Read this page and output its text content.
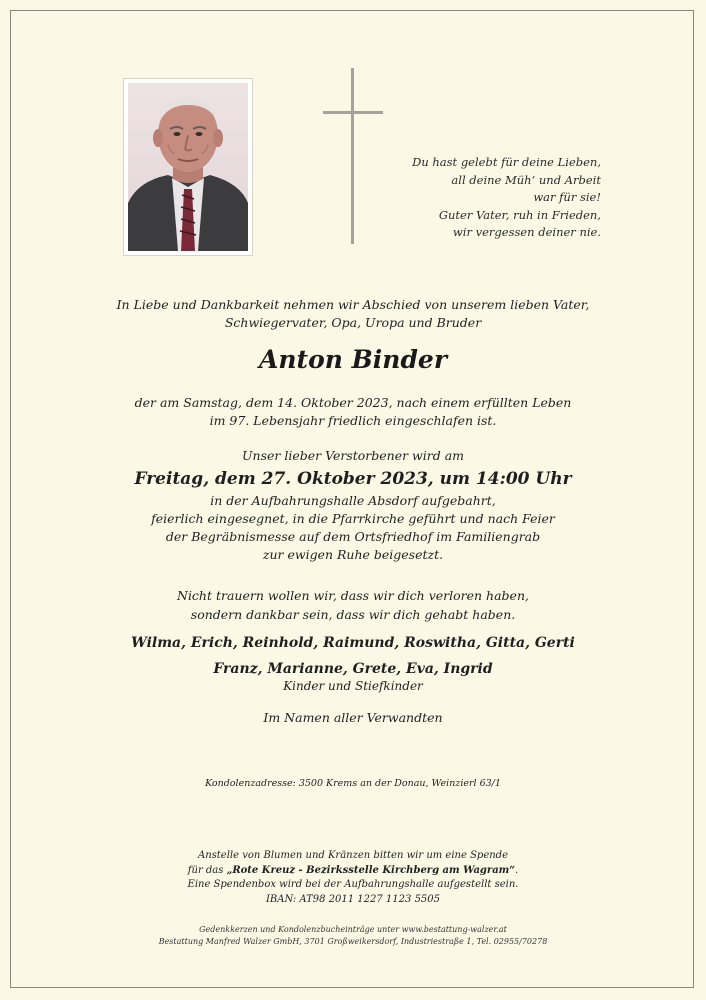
Du hast gelebt für deine Lieben,
all deine Müh‘ und Arbeit
war für sie!
Guter Vater, ruh in Frieden,
wir vergessen deiner nie.
In Liebe und Dankbarkeit nehmen wir Abschied von unserem lieben Vater,
Schwiegervater, Opa, Uropa und Bruder
Anton Binder
der am Samstag, dem 14. Oktober 2023, nach einem erfüllten Leben
im 97. Lebensjahr friedlich eingeschlafen ist.
Unser lieber Verstorbener wird am
Freitag, dem 27. Oktober 2023, um 14:00 Uhr
in der Aufbahrungshalle Absdorf aufgebahrt,
feierlich eingesegnet, in die Pfarrkirche geführt und nach Feier
der Begräbnismesse auf dem Ortsfriedhof im Familiengrab
zur ewigen Ruhe beigesetzt.
Nicht trauern wollen wir, dass wir dich verloren haben,
sondern dankbar sein, dass wir dich gehabt haben.
Wilma, Erich, Reinhold, Raimund, Roswitha, Gitta, Gerti
Franz, Marianne, Grete, Eva, Ingrid
Kinder und Stiefkinder
Im Namen aller Verwandten
Kondolenzadresse: 3500 Krems an der Donau, Weinzierl 63/1
Anstelle von Blumen und Kränzen bitten wir um eine Spende
für das „Rote Kreuz - Bezirksstelle Kirchberg am Wagram“.
Eine Spendenbox wird bei der Aufbahrungshalle aufgestellt sein.
IBAN: AT98 2011 1227 1123 5505
Gedenkkerzen und Kondolenzbucheinträge unter www.bestattung-walzer.at
Bestattung Manfred Walzer GmbH, 3701 Großweikersdorf, Industriestraße 1, Tel. 02955/70278
